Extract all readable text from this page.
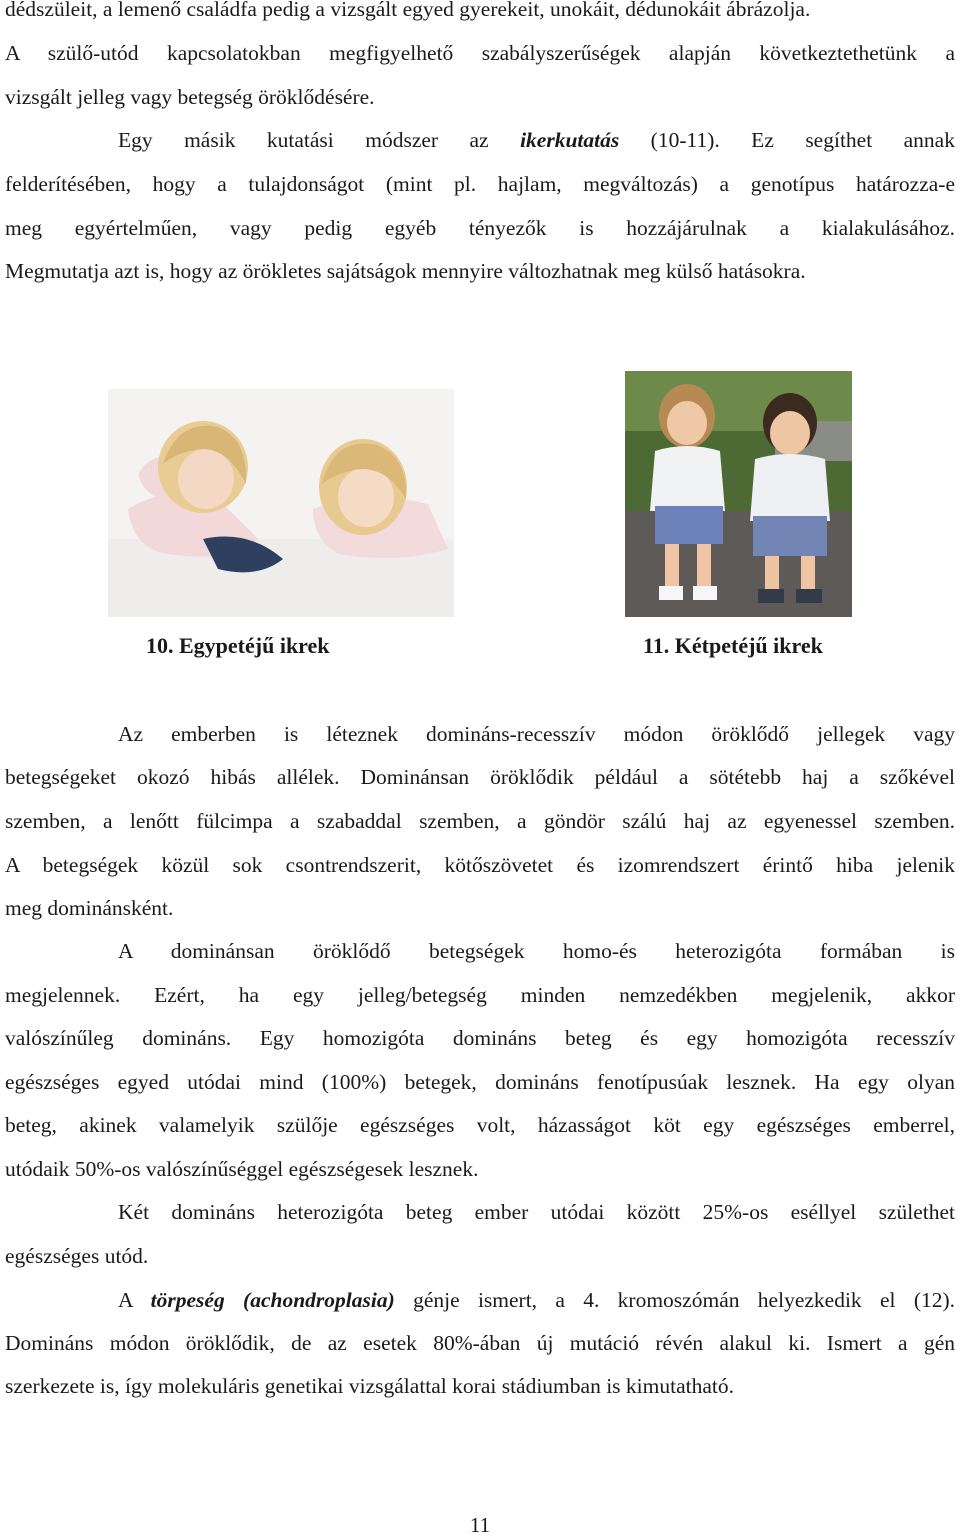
dédszüleit, a lemenő családfa pedig a vizsgált egyed gyerekeit, unokáit, dédunokáit ábrázolja.
A szülő-utód kapcsolatokban megfigyelhető szabályszerűségek alapján következtethetünk a
vizsgált jelleg vagy betegség öröklődésére.
Egy másik kutatási módszer az ikerkutatás (10-11). Ez segíthet annak
felderítésében, hogy a tulajdonságot (mint pl. hajlam, megváltozás) a genotípus határozza-e
meg egyértelműen, vagy pedig egyéb tényezők is hozzájárulnak a kialakulásához.
Megmutatja azt is, hogy az örökletes sajátságok mennyire változhatnak meg külső hatásokra.
10. Egypetéjű ikrek	11. Kétpetéjű ikrek
Az emberben is léteznek domináns-recesszív módon öröklődő jellegek vagy
betegségeket okozó hibás allélek. Dominánsan öröklődik például a sötétebb haj a szőkével
szemben, a lenőtt fülcimpa a szabaddal szemben, a göndör szálú haj az egyenessel szemben.
A betegségek közül sok csontrendszerit, kötőszövetet és izomrendszert érintő hiba jelenik
meg dominánsként.
A dominánsan öröklődő betegségek homo-és heterozigóta formában is
megjelennek. Ezért, ha egy jelleg/betegség minden nemzedékben megjelenik, akkor
valószínűleg domináns. Egy homozigóta domináns beteg és egy homozigóta recesszív
egészséges egyed utódai mind (100%) betegek, domináns fenotípusúak lesznek. Ha egy olyan
beteg, akinek valamelyik szülője egészséges volt, házasságot köt egy egészséges emberrel,
utódaik 50%-os valószínűséggel egészségesek lesznek.
Két domináns heterozigóta beteg ember utódai között 25%-os eséllyel születhet
egészséges utód.
A törpeség (achondroplasia) génje ismert, a 4. kromoszómán helyezkedik el (12).
Domináns módon öröklődik, de az esetek 80%-ában új mutáció révén alakul ki. Ismert a gén
szerkezete is, így molekuláris genetikai vizsgálattal korai stádiumban is kimutatható.
11
